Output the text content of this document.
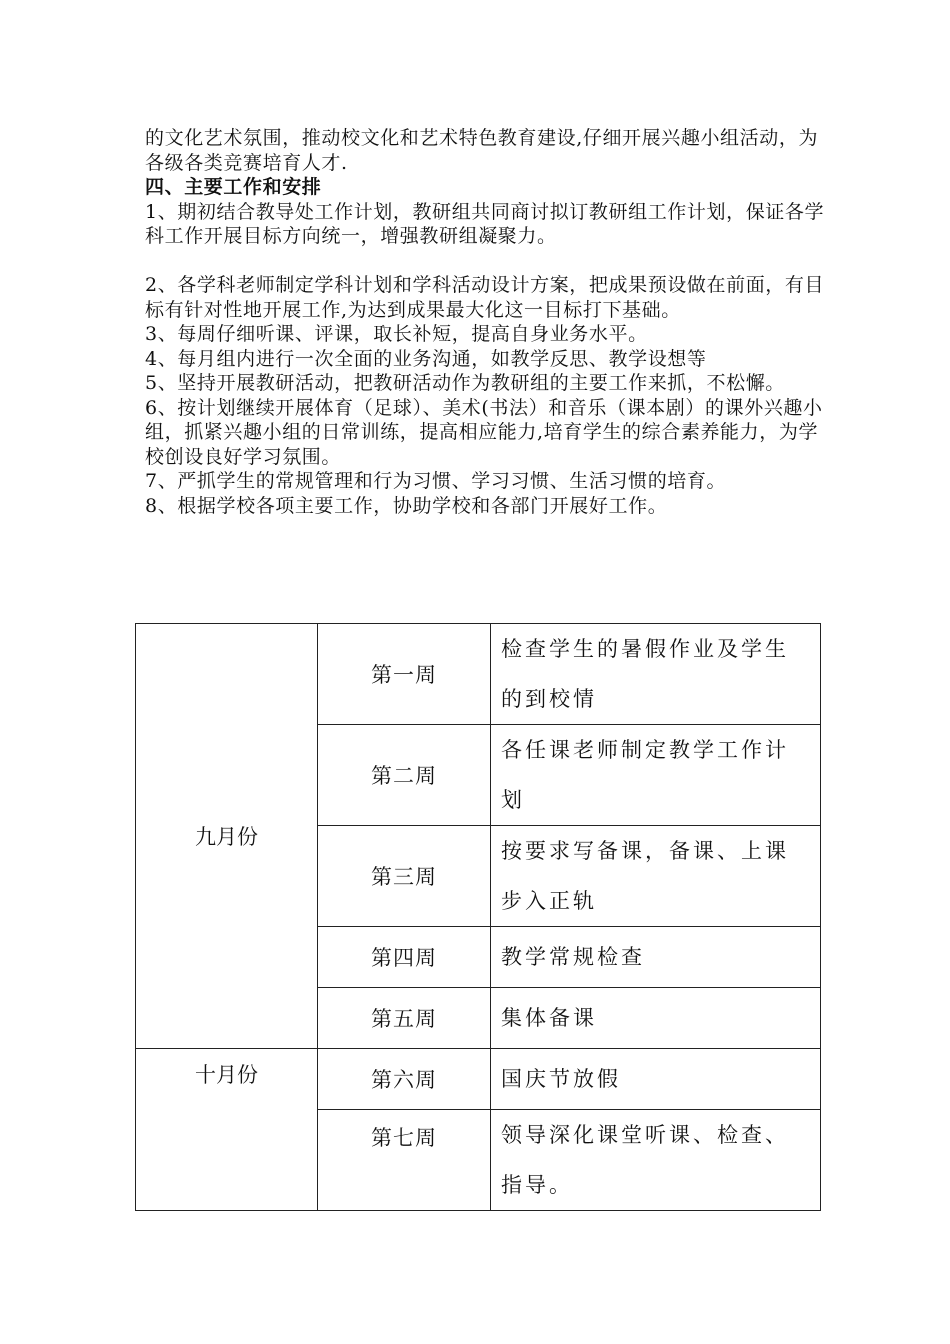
的文化艺术氛围，推动校文化和艺术特色教育建设,仔细开展兴趣小组活动，为各级各类竞赛培育人才.

四、主要工作和安排

1、期初结合教导处工作计划，教研组共同商讨拟订教研组工作计划，保证各学科工作开展目标方向统一，增强教研组凝聚力。

2、各学科老师制定学科计划和学科活动设计方案，把成果预设做在前面，有目标有针对性地开展工作,为达到成果最大化这一目标打下基础。

3、每周仔细听课、评课，取长补短，提高自身业务水平。

4、每月组内进行一次全面的业务沟通，如教学反思、教学设想等

5、坚持开展教研活动，把教研活动作为教研组的主要工作来抓，不松懈。

6、按计划继续开展体育（足球）、美术(书法）和音乐（课本剧）的课外兴趣小组，抓紧兴趣小组的日常训练，提高相应能力,培育学生的综合素养能力，为学校创设良好学习氛围。

7、严抓学生的常规管理和行为习惯、学习习惯、生活习惯的培育。

8、根据学校各项主要工作，协助学校和各部门开展好工作。

九月份	第一周	检查学生的暑假作业及学生的到校情
	第二周	各任课老师制定教学工作计划
	第三周	按要求写备课，备课、上课步入正轨
	第四周	教学常规检查
	第五周	集体备课
十月份	第六周	国庆节放假
	第七周	领导深化课堂听课、检查、指导。
